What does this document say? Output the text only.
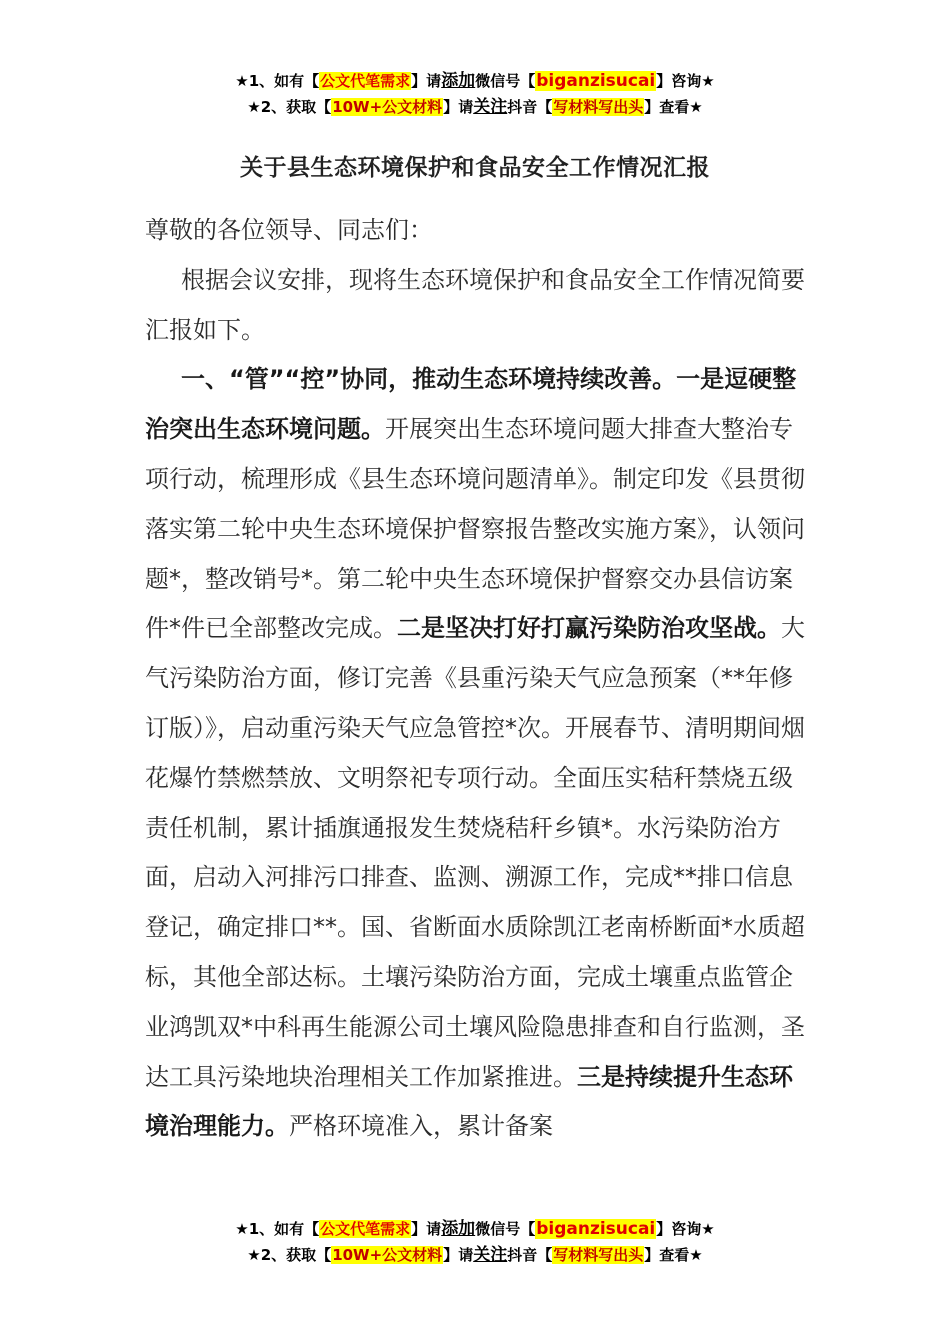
★1、如有【公文代笔需求】请添加微信号【biganzisucai】咨询★
★2、获取【10W+公文材料】请关注抖音【写材料写出头】查看★
关于县生态环境保护和食品安全工作情况汇报

尊敬的各位领导、同志们：

根据会议安排，现将生态环境保护和食品安全工作情况简要汇报如下。

一、“管”“控”协同，推动生态环境持续改善。一是逗硬整治突出生态环境问题。开展突出生态环境问题大排查大整治专项行动，梳理形成《县生态环境问题清单》。制定印发《县贯彻落实第二轮中央生态环境保护督察报告整改实施方案》，认领问题*，整改销号*。第二轮中央生态环境保护督察交办县信访案件*件已全部整改完成。二是坚决打好打赢污染防治攻坚战。大气污染防治方面，修订完善《县重污染天气应急预案（**年修订版）》，启动重污染天气应急管控*次。开展春节、清明期间烟花爆竹禁燃禁放、文明祭祀专项行动。全面压实秸秆禁烧五级责任机制，累计插旗通报发生焚烧秸秆乡镇*。水污染防治方面，启动入河排污口排查、监测、溯源工作，完成**排口信息登记，确定排口**。国、省断面水质除凯江老南桥断面*水质超标，其他全部达标。土壤污染防治方面，完成土壤重点监管企业鸿凯双*中科再生能源公司土壤风险隐患排查和自行监测，圣达工具污染地块治理相关工作加紧推进。三是持续提升生态环境治理能力。严格环境准入，累计备案

★1、如有【公文代笔需求】请添加微信号【biganzisucai】咨询★
★2、获取【10W+公文材料】请关注抖音【写材料写出头】查看★
